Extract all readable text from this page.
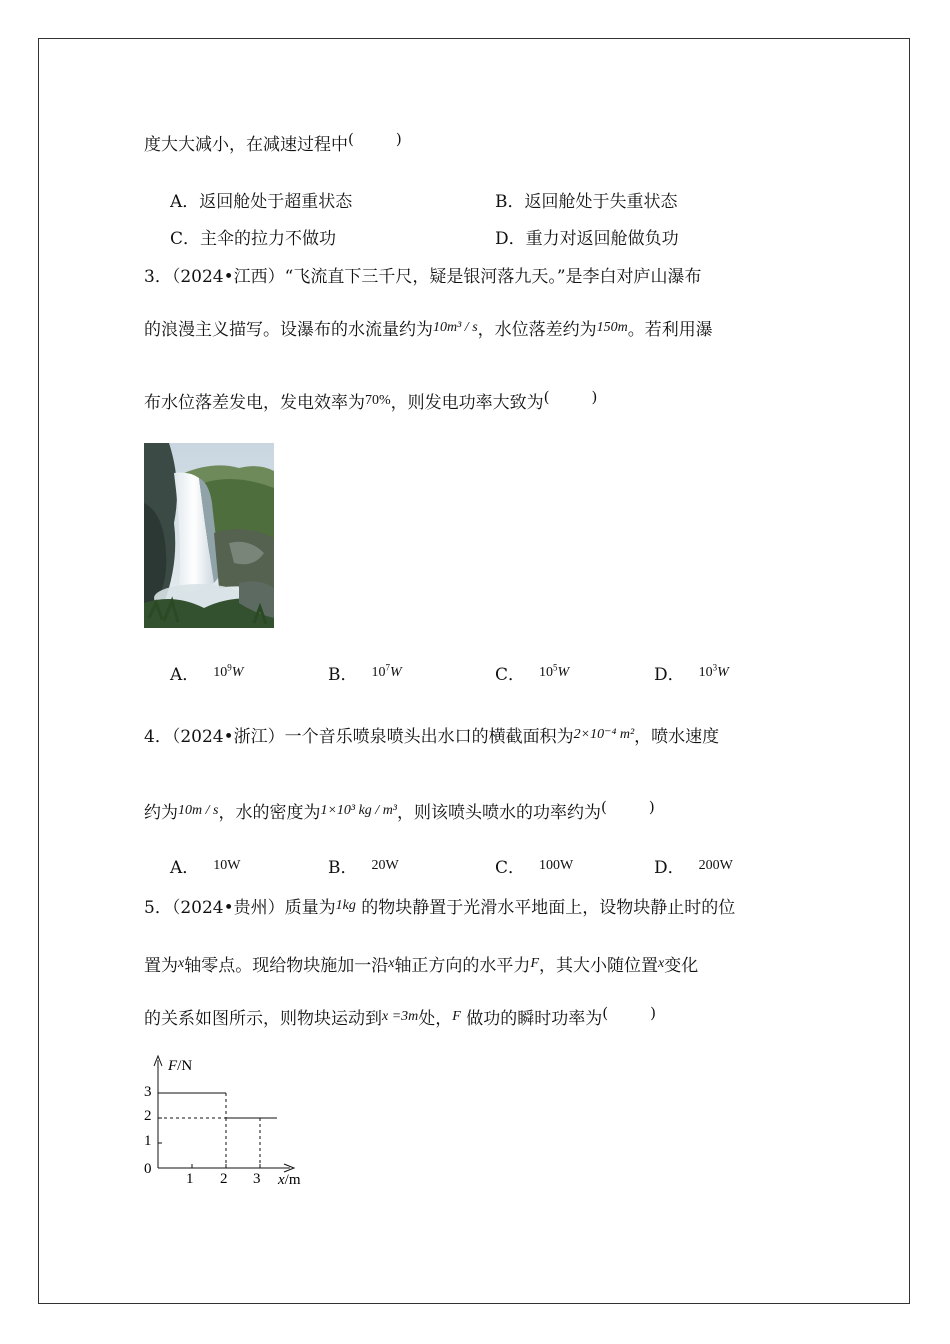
度大大减小，在减速过程中(	)
A．返回舱处于超重状态	B．返回舱处于失重状态
C．主伞的拉力不做功	D．重力对返回舱做负功
3．（2024•江西）“飞流直下三千尺，疑是银河落九天。”是李白对庐山瀑布
的浪漫主义描写。设瀑布的水流量约为$^{10m^3 / s}$，水位落差约为$^{150m}$。若利用瀑
布水位落差发电，发电效率为$^{70\%}$，则发电功率大致为(	)
A． $^{10^9W}$	B． $^{10^7W}$	C． $^{10^5W}$	D． $^{10^3W}$
4．（2024•浙江）一个音乐喷泉喷头出水口的横截面积为$^{2\times 10^{-4} m^2}$，喷水速度
约为$^{10m / s}$，水的密度为$^{1\times 10^3 kg / m^3}$，则该喷头喷水的功率约为(	)
A． $^{10W}$	B． $^{20W}$	C． $^{100W}$	D． $^{200W}$
5．（2024•贵州）质量为$^{1kg}$ 的物块静置于光滑水平地面上，设物块静止时的位
置为$^x$轴零点。现给物块施加一沿$^x$轴正方向的水平力$^F$，其大小随位置$^x$变化
的关系如图所示，则物块运动到$^{x =3m}$处，$^F$ 做功的瞬时功率为(	)
F/N
x/m
3
2
1
0
1 2 3
